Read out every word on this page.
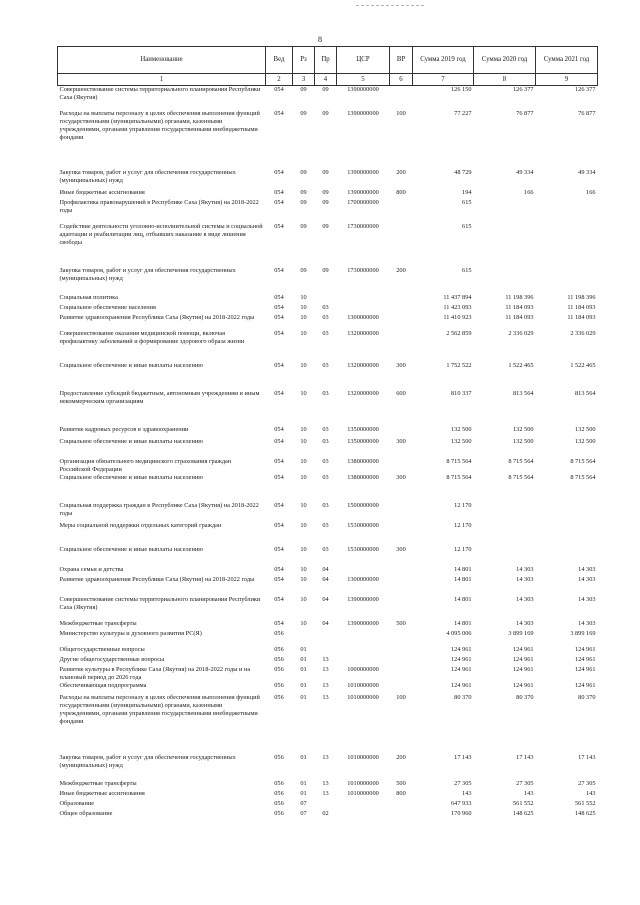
8
Наименование	Вед	Рз	Пр	ЦСР	ВР	Сумма 2019 год	Сумма 2020 год	Сумма 2021 год
1	2	3	4	5	6	7	8	9
Совершенствование системы территориального планирования Республики Саха (Якутия)	054	09	09	1390000000		126 150	126 377	126 377
Расходы на выплаты персоналу в целях обеспечения выполнения функций государственными (муниципальными) органами, казенными учреждениями, органами управления государственными внебюджетными фондами	054	09	09	1390000000	100	77 227	76 877	76 877
Закупка товаров, работ и услуг для обеспечения государственных (муниципальных) нужд	054	09	09	1390000000	200	48 729	49 334	49 334
Иные бюджетные ассигнования	054	09	09	1390000000	800	194	166	166
Профилактика правонарушений в Республике Саха (Якутия) на 2018-2022 годы	054	09	09	1700000000		615		
Содействие деятельности уголовно-исполнительной системы и социальной адаптации и реабилитации лиц, отбывших наказание в виде лишения свободы	054	09	09	1730000000		615		
Закупка товаров, работ и услуг для обеспечения государственных (муниципальных) нужд	054	09	09	1730000000	200	615		
Социальная политика	054	10				11 437 894	11 198 396	11 198 396
Социальное обеспечение населения	054	10	03			11 423 093	11 184 093	11 184 093
Развитие здравоохранения Республики Саха (Якутия) на 2018-2022 годы	054	10	03	1300000000		11 410 923	11 184 093	11 184 093
Совершенствование оказания медицинской помощи, включая профилактику заболеваний и формирование здорового образа жизни	054	10	03	1320000000		2 562 859	2 336 029	2 336 029
Социальное обеспечение и иные выплаты населению	054	10	03	1320000000	300	1 752 522	1 522 465	1 522 465
Предоставление субсидий бюджетным, автономным учреждениям и иным некоммерческим организациям	054	10	03	1320000000	600	810 337	813 564	813 564
Развитие кадровых ресурсов в здравоохранении	054	10	03	1350000000		132 500	132 500	132 500
Социальное обеспечение и иные выплаты населению	054	10	03	1350000000	300	132 500	132 500	132 500
Организация обязательного медицинского страхования граждан Российской Федерации	054	10	03	1380000000		8 715 564	8 715 564	8 715 564
Социальное обеспечение и иные выплаты населению	054	10	03	1380000000	300	8 715 564	8 715 564	8 715 564
Социальная поддержка граждан в Республике Саха (Якутия) на 2018-2022 годы	054	10	03	1500000000		12 170		
Меры социальной поддержки отдельных категорий граждан	054	10	03	1530000000		12 170		
Социальное обеспечение и иные выплаты населению	054	10	03	1530000000	300	12 170		
Охрана семьи и детства	054	10	04			14 801	14 303	14 303
Развитие здравоохранения Республики Саха (Якутия) на 2018-2022 годы	054	10	04	1300000000		14 801	14 303	14 303
Совершенствование системы территориального планирования Республики Саха (Якутия)	054	10	04	1390000000		14 801	14 303	14 303
Межбюджетные трансферты	054	10	04	1390000000	500	14 801	14 303	14 303
Министерство культуры и духовного развития РС(Я)	056					4 095 006	3 899 169	3 899 169
Общегосударственные вопросы	056	01				124 961	124 961	124 961
Другие общегосударственные вопросы	056	01	13			124 961	124 961	124 961
Развитие культуры в Республике Саха (Якутия) на 2018-2022 годы и на плановый период до 2026 года	056	01	13	1000000000		124 961	124 961	124 961
Обеспечивающая подпрограмма	056	01	13	1010000000		124 961	124 961	124 961
Расходы на выплаты персоналу в целях обеспечения выполнения функций государственными (муниципальными) органами, казенными учреждениями, органами управления государственными внебюджетными фондами	056	01	13	1010000000	100	80 370	80 370	80 370
Закупка товаров, работ и услуг для обеспечения государственных (муниципальных) нужд	056	01	13	1010000000	200	17 143	17 143	17 143
Межбюджетные трансферты	056	01	13	1010000000	500	27 305	27 305	27 305
Иные бюджетные ассигнования	056	01	13	1010000000	800	143	143	143
Образование	056	07				647 933	561 552	561 552
Общее образование	056	07	02			170 960	148 625	148 625
